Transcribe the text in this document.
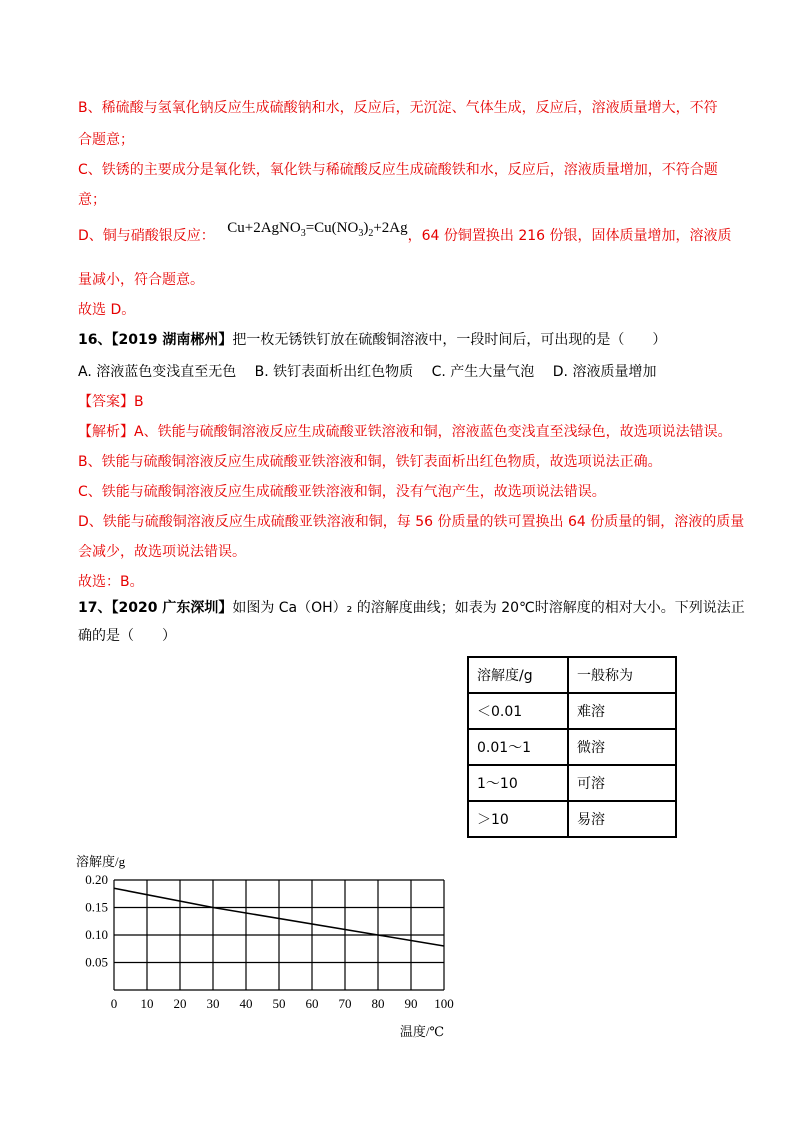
B、稀硫酸与氢氧化钠反应生成硫酸钠和水，反应后，无沉淀、气体生成，反应后，溶液质量增大，不符
合题意；
C、铁锈的主要成分是氧化铁，氧化铁与稀硫酸反应生成硫酸铁和水，反应后，溶液质量增加，不符合题
意；
D、铜与硝酸银反应： $Cu+2AgNO_3=Cu(NO_3)_2+2Ag$，64 份铜置换出 216 份银，固体质量增加，溶液质
量减小，符合题意。
故选 D。
16、【2019 湖南郴州】把一枚无锈铁钉放在硫酸铜溶液中，一段时间后，可出现的是（　　）
A. 溶液蓝色变浅直至无色　 B. 铁钉表面析出红色物质　 C. 产生大量气泡　 D. 溶液质量增加
【答案】B
【解析】A、铁能与硫酸铜溶液反应生成硫酸亚铁溶液和铜，溶液蓝色变浅直至浅绿色，故选项说法错误。
B、铁能与硫酸铜溶液反应生成硫酸亚铁溶液和铜，铁钉表面析出红色物质，故选项说法正确。
C、铁能与硫酸铜溶液反应生成硫酸亚铁溶液和铜，没有气泡产生，故选项说法错误。
D、铁能与硫酸铜溶液反应生成硫酸亚铁溶液和铜，每 56 份质量的铁可置换出 64 份质量的铜，溶液的质量
会减少，故选项说法错误。
故选：B。
17、【2020 广东深圳】如图为 Ca（OH）₂ 的溶解度曲线；如表为 20℃时溶解度的相对大小。下列说法正
确的是（　　）
溶解度/g	一般称为
＜0.01	难溶
0.01～1	微溶
1～10	可溶
＞10	易溶
0 10 20 30 40 50 60 70 80 90 100
0.20
0.15
0.10
0.05
溶解度/g
温度/℃
